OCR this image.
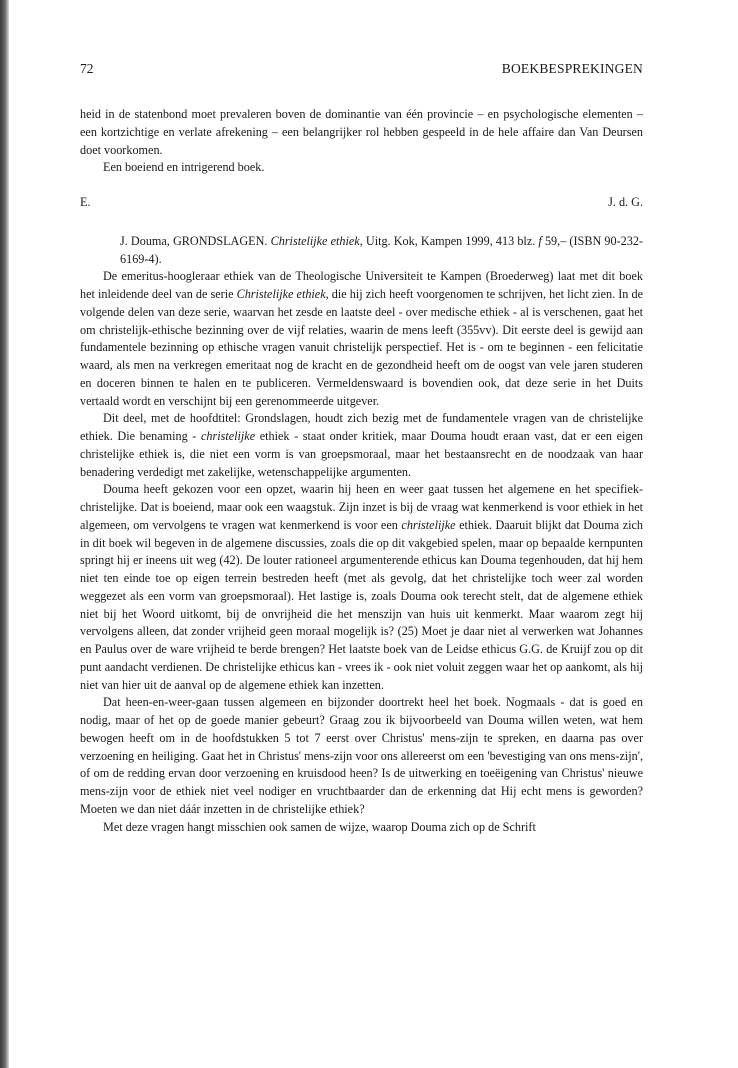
72	BOEKBESPREKINGEN

heid in de statenbond moet prevaleren boven de dominantie van één provincie – en psychologische elementen – een kortzichtige en verlate afrekening – een belangrijker rol hebben gespeeld in de hele affaire dan Van Deursen doet voorkomen.

Een boeiend en intrigerend boek.

E.	J. d. G.

J. Douma, GRONDSLAGEN. Christelijke ethiek, Uitg. Kok, Kampen 1999, 413 blz. f 59,– (ISBN 90-232-6169-4).

De emeritus-hoogleraar ethiek van de Theologische Universiteit te Kampen (Broederweg) laat met dit boek het inleidende deel van de serie Christelijke ethiek, die hij zich heeft voorgenomen te schrijven, het licht zien. In de volgende delen van deze serie, waarvan het zesde en laatste deel - over medische ethiek - al is verschenen, gaat het om christelijk-ethische bezinning over de vijf relaties, waarin de mens leeft (355vv). Dit eerste deel is gewijd aan fundamentele bezinning op ethische vragen vanuit christelijk perspectief. Het is - om te beginnen - een felicitatie waard, als men na verkregen emeritaat nog de kracht en de gezondheid heeft om de oogst van vele jaren studeren en doceren binnen te halen en te publiceren. Vermeldenswaard is bovendien ook, dat deze serie in het Duits vertaald wordt en verschijnt bij een gerenommeerde uitgever.

Dit deel, met de hoofdtitel: Grondslagen, houdt zich bezig met de fundamentele vragen van de christelijke ethiek. Die benaming - christelijke ethiek - staat onder kritiek, maar Douma houdt eraan vast, dat er een eigen christelijke ethiek is, die niet een vorm is van groepsmoraal, maar het bestaansrecht en de noodzaak van haar benadering verdedigt met zakelijke, wetenschappelijke argumenten.

Douma heeft gekozen voor een opzet, waarin hij heen en weer gaat tussen het algemene en het specifiek-christelijke. Dat is boeiend, maar ook een waagstuk. Zijn inzet is bij de vraag wat kenmerkend is voor ethiek in het algemeen, om vervolgens te vragen wat kenmerkend is voor een christelijke ethiek. Daaruit blijkt dat Douma zich in dit boek wil begeven in de algemene discussies, zoals die op dit vakgebied spelen, maar op bepaalde kernpunten springt hij er ineens uit weg (42). De louter rationeel argumenterende ethicus kan Douma tegenhouden, dat hij hem niet ten einde toe op eigen terrein bestreden heeft (met als gevolg, dat het christelijke toch weer zal worden weggezet als een vorm van groepsmoraal). Het lastige is, zoals Douma ook terecht stelt, dat de algemene ethiek niet bij het Woord uitkomt, bij de onvrijheid die het menszijn van huis uit kenmerkt. Maar waarom zegt hij vervolgens alleen, dat zonder vrijheid geen moraal mogelijk is? (25) Moet je daar niet al verwerken wat Johannes en Paulus over de ware vrijheid te berde brengen? Het laatste boek van de Leidse ethicus G.G. de Kruijf zou op dit punt aandacht verdienen. De christelijke ethicus kan - vrees ik - ook niet voluit zeggen waar het op aankomt, als hij niet van hier uit de aanval op de algemene ethiek kan inzetten.

Dat heen-en-weer-gaan tussen algemeen en bijzonder doortrekt heel het boek. Nogmaals - dat is goed en nodig, maar of het op de goede manier gebeurt? Graag zou ik bijvoorbeeld van Douma willen weten, wat hem bewogen heeft om in de hoofdstukken 5 tot 7 eerst over Christus' mens-zijn te spreken, en daarna pas over verzoening en heiliging. Gaat het in Christus' mens-zijn voor ons allereerst om een 'bevestiging van ons mens-zijn', of om de redding ervan door verzoening en kruisdood heen? Is de uitwerking en toeëigening van Christus' nieuwe mens-zijn voor de ethiek niet veel nodiger en vruchtbaarder dan de erkenning dat Hij echt mens is geworden? Moeten we dan niet dáár inzetten in de christelijke ethiek?

Met deze vragen hangt misschien ook samen de wijze, waarop Douma zich op de Schrift
